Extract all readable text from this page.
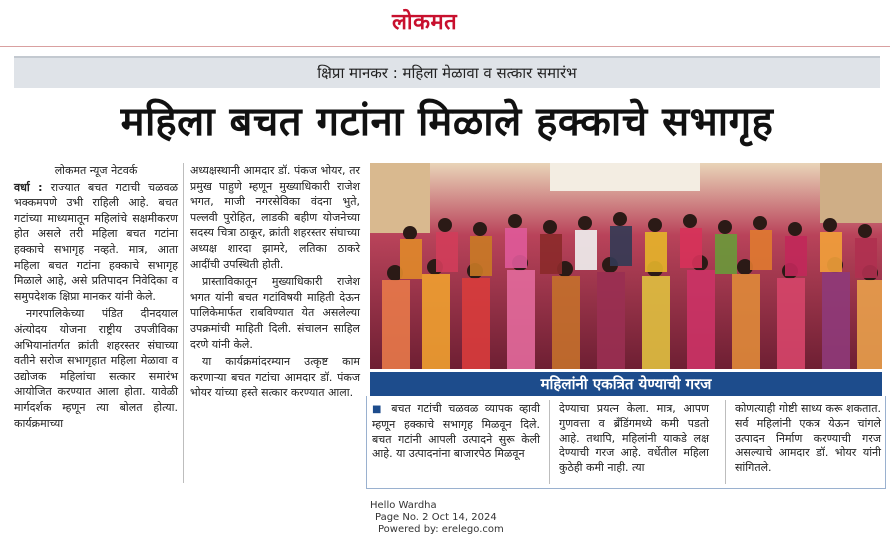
लोकमत
क्षिप्रा मानकर : महिला मेळावा व सत्कार समारंभ
महिला बचत गटांना मिळाले हक्काचे सभागृह
लोकमत न्यूज नेटवर्क
वर्धा : राज्यात बचत गटाची चळवळ भक्कमपणे उभी राहिली आहे. बचत गटांच्या माध्यमातून महिलांचे सक्षमीकरण होत असले तरी महिला बचत गटांना हक्काचे सभागृह नव्हते. मात्र, आता महिला बचत गटांना हक्काचे सभागृह मिळाले आहे, असे प्रतिपादन निवेदिका व समुपदेशक क्षिप्रा मानकर यांनी केले.
नगरपालिकेच्या पंडित दीनदयाल अंत्योदय योजना राष्ट्रीय उपजीविका अभियानांतर्गत क्रांती शहरस्तर संघाच्या वतीने सरोज सभागृहात महिला मेळावा व उद्योजक महिलांचा सत्कार समारंभ आयोजित करण्यात आला होता. यावेळी मार्गदर्शक म्हणून त्या बोलत होत्या. कार्यक्रमाच्या
अध्यक्षस्थानी आमदार डॉ. पंकज भोयर, तर प्रमुख पाहुणे म्हणून मुख्याधिकारी राजेश भगत, माजी नगरसेविका वंदना भुते, पल्लवी पुरोहित, लाडकी बहीण योजनेच्या सदस्य चित्रा ठाकूर, क्रांती शहरस्तर संघाच्या अध्यक्ष शारदा झामरे, लतिका ठाकरे आदींची उपस्थिती होती.
प्रास्ताविकातून मुख्याधिकारी राजेश भगत यांनी बचत गटांविषयी माहिती देऊन पालिकेमार्फत राबविण्यात येत असलेल्या उपक्रमांची माहिती दिली. संचालन साहिल दरणे यांनी केले.
या कार्यक्रमांदरम्यान उत्कृष्ट काम करणाऱ्या बचत गटांचा आमदार डॉ. पंकज भोयर यांच्या हस्ते सत्कार करण्यात आला.	महिलांनी एकत्रित येण्याची गरज
■ बचत गटांची चळवळ व्यापक व्हावी म्हणून हक्काचे सभागृह मिळवून दिले. बचत गटांनी आपली उत्पादने सुरू केली आहे. या उत्पादनांना बाजारपेठ मिळवून
देण्याचा प्रयत्न केला. मात्र, आपण गुणवत्ता व ब्रँडिंगमध्ये कमी पडतो आहे. तथापि, महिलांनी याकडे लक्ष देण्याची गरज आहे. वर्धेतील महिला कुठेही कमी नाही. त्या
कोणत्याही गोष्टी साध्य करू शकतात. सर्व महिलांनी एकत्र येऊन चांगले उत्पादन निर्माण करण्याची गरज असल्याचे आमदार डॉ. भोयर यांनी सांगितले.
Hello Wardha
Page No. 2 Oct 14, 2024
Powered by: erelego.com
